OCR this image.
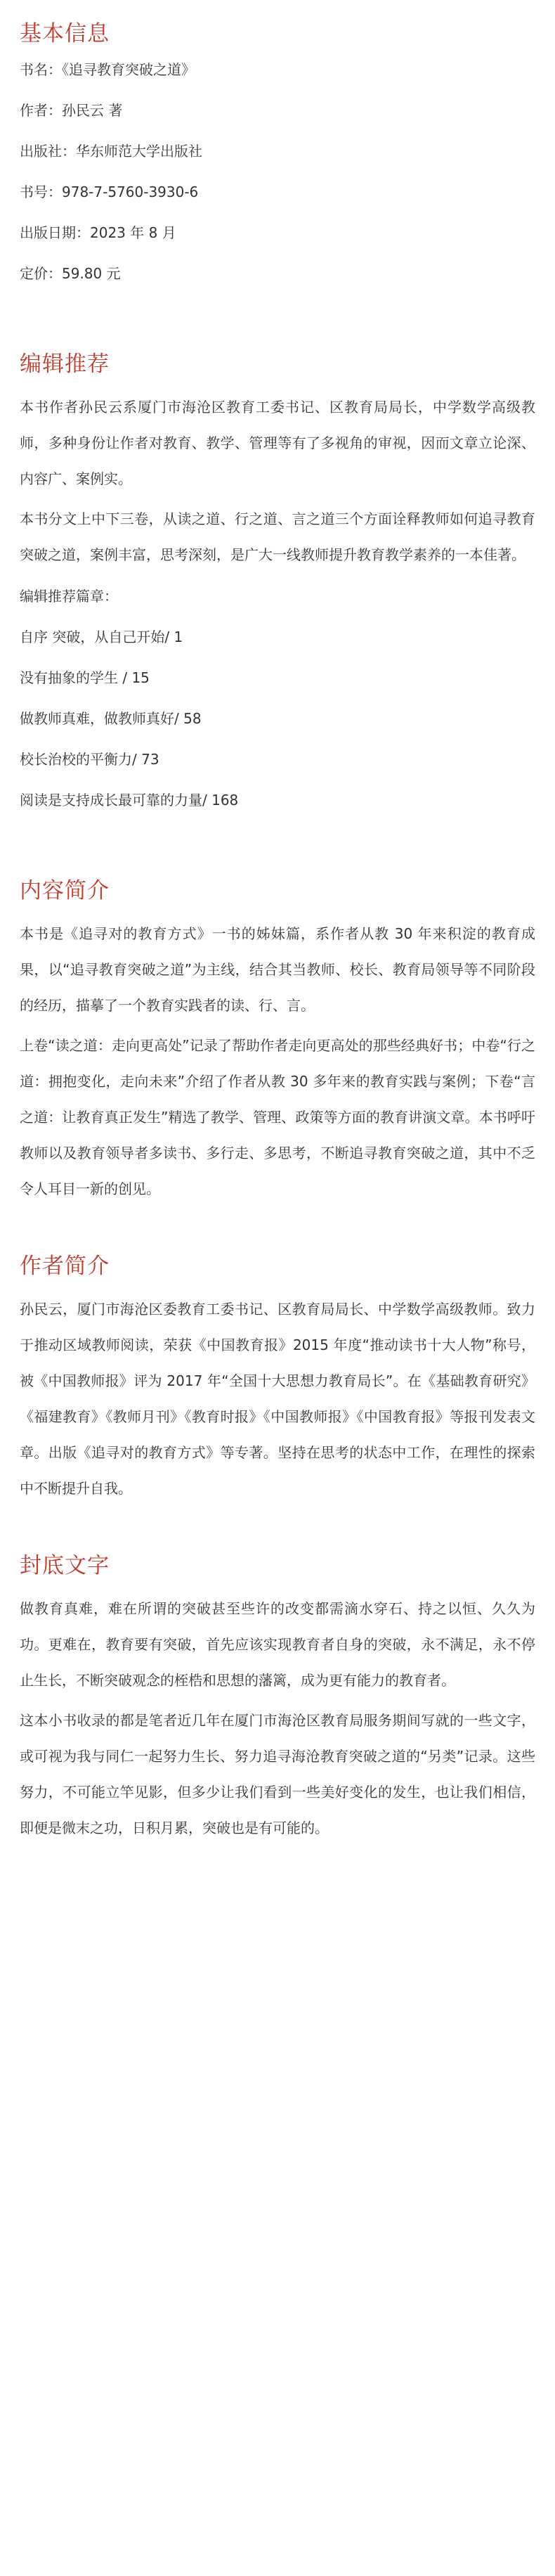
基本信息
书名：《追寻教育突破之道》
作者：孙民云 著
出版社：华东师范大学出版社
书号：978-7-5760-3930-6
出版日期：2023 年 8 月
定价：59.80 元
编辑推荐

本书作者孙民云系厦门市海沧区教育工委书记、区教育局局长，中学数学高级教师，多种身份让作者对教育、教学、管理等有了多视角的审视，因而文章立论深、内容广、案例实。

本书分文上中下三卷，从读之道、行之道、言之道三个方面诠释教师如何追寻教育突破之道，案例丰富，思考深刻，是广大一线教师提升教育教学素养的一本佳著。

编辑推荐篇章：
自序 突破，从自己开始/ 1
没有抽象的学生 / 15
做教师真难，做教师真好/ 58
校长治校的平衡力/ 73
阅读是支持成长最可靠的力量/ 168
内容简介

本书是《追寻对的教育方式》一书的姊妹篇，系作者从教 30 年来积淀的教育成果，以“追寻教育突破之道”为主线，结合其当教师、校长、教育局领导等不同阶段的经历，描摹了一个教育实践者的读、行、言。

上卷“读之道：走向更高处”记录了帮助作者走向更高处的那些经典好书；中卷“行之道：拥抱变化，走向未来”介绍了作者从教 30 多年来的教育实践与案例；下卷“言之道：让教育真正发生”精选了教学、管理、政策等方面的教育讲演文章。本书呼吁教师以及教育领导者多读书、多行走、多思考，不断追寻教育突破之道，其中不乏令人耳目一新的创见。

作者简介

孙民云，厦门市海沧区委教育工委书记、区教育局局长、中学数学高级教师。致力于推动区域教师阅读，荣获《中国教育报》2015 年度“推动读书十大人物”称号，被《中国教师报》评为 2017 年“全国十大思想力教育局长”。在《基础教育研究》《福建教育》《教师月刊》《教育时报》《中国教师报》《中国教育报》等报刊发表文章。出版《追寻对的教育方式》等专著。坚持在思考的状态中工作，在理性的探索中不断提升自我。

封底文字

做教育真难，难在所谓的突破甚至些许的改变都需滴水穿石、持之以恒、久久为功。更难在，教育要有突破，首先应该实现教育者自身的突破，永不满足，永不停止生长，不断突破观念的桎梏和思想的藩篱，成为更有能力的教育者。

这本小书收录的都是笔者近几年在厦门市海沧区教育局服务期间写就的一些文字，或可视为我与同仁一起努力生长、努力追寻海沧教育突破之道的“另类”记录。这些努力，不可能立竿见影，但多少让我们看到一些美好变化的发生，也让我们相信，即便是微末之功，日积月累，突破也是有可能的。
